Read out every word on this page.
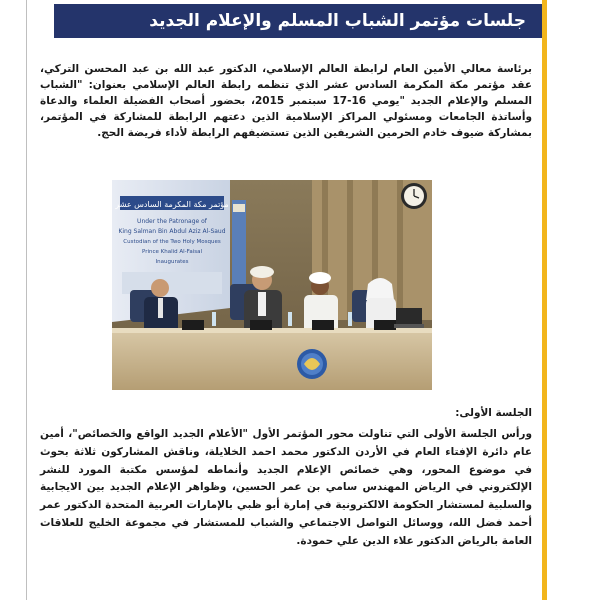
جلسات مؤتمر الشباب المسلم والإعلام الجديد

برئاسة معالي الأمين العام لرابطة العالم الإسلامي، الدكتور عبد الله بن عبد المحسن التركي، عقد مؤتمر مكة المكرمة السادس عشر الذي تنظمه رابطة العالم الإسلامي بعنوان: "الشباب المسلم والإعلام الجديد "يومي 16-17 سبتمبر 2015، بحضور أصحاب الفضيلة العلماء والدعاة وأساتذة الجامعات ومسئولي المراكز الإسلامية الذين دعتهم الرابطة للمشاركة في المؤتمر، بمشاركة ضيوف خادم الحرمين الشريفين الذين تستضيفهم الرابطة لأداء فريضة الحج.

مؤتمر مكة المكرمة السادس عشر
Under the Patronage of
King Salman Bin Abdul Aziz Al-Saud
Custodian of the Two Holy Mosques
Prince Khalid Al-Faisal
Inaugurates
الجلسة الأولى:

ورأس الجلسة الأولى التي تناولت محور المؤتمر الأول "الأعلام الجديد الواقع والخصائص"، أمين عام دائرة الإفتاء العام في الأردن الدكتور محمد احمد الخلايلة، وناقش المشاركون ثلاثة بحوث في موضوع المحور، وهي خصائص الإعلام الجديد وأنماطه لمؤسس مكتبة المورد للنشر الإلكتروني في الرياض المهندس سامي بن عمر الحسين، وظواهر الإعلام الجديد بين الايجابية والسلبية لمستشار الحكومة الالكترونية في إمارة أبو ظبي بالإمارات العربية المتحدة الدكتور عمر أحمد فضل الله، ووسائل التواصل الاجتماعي والشباب للمستشار في مجموعة الخليج للعلاقات العامة بالرياض الدكتور علاء الدين علي حمودة.
